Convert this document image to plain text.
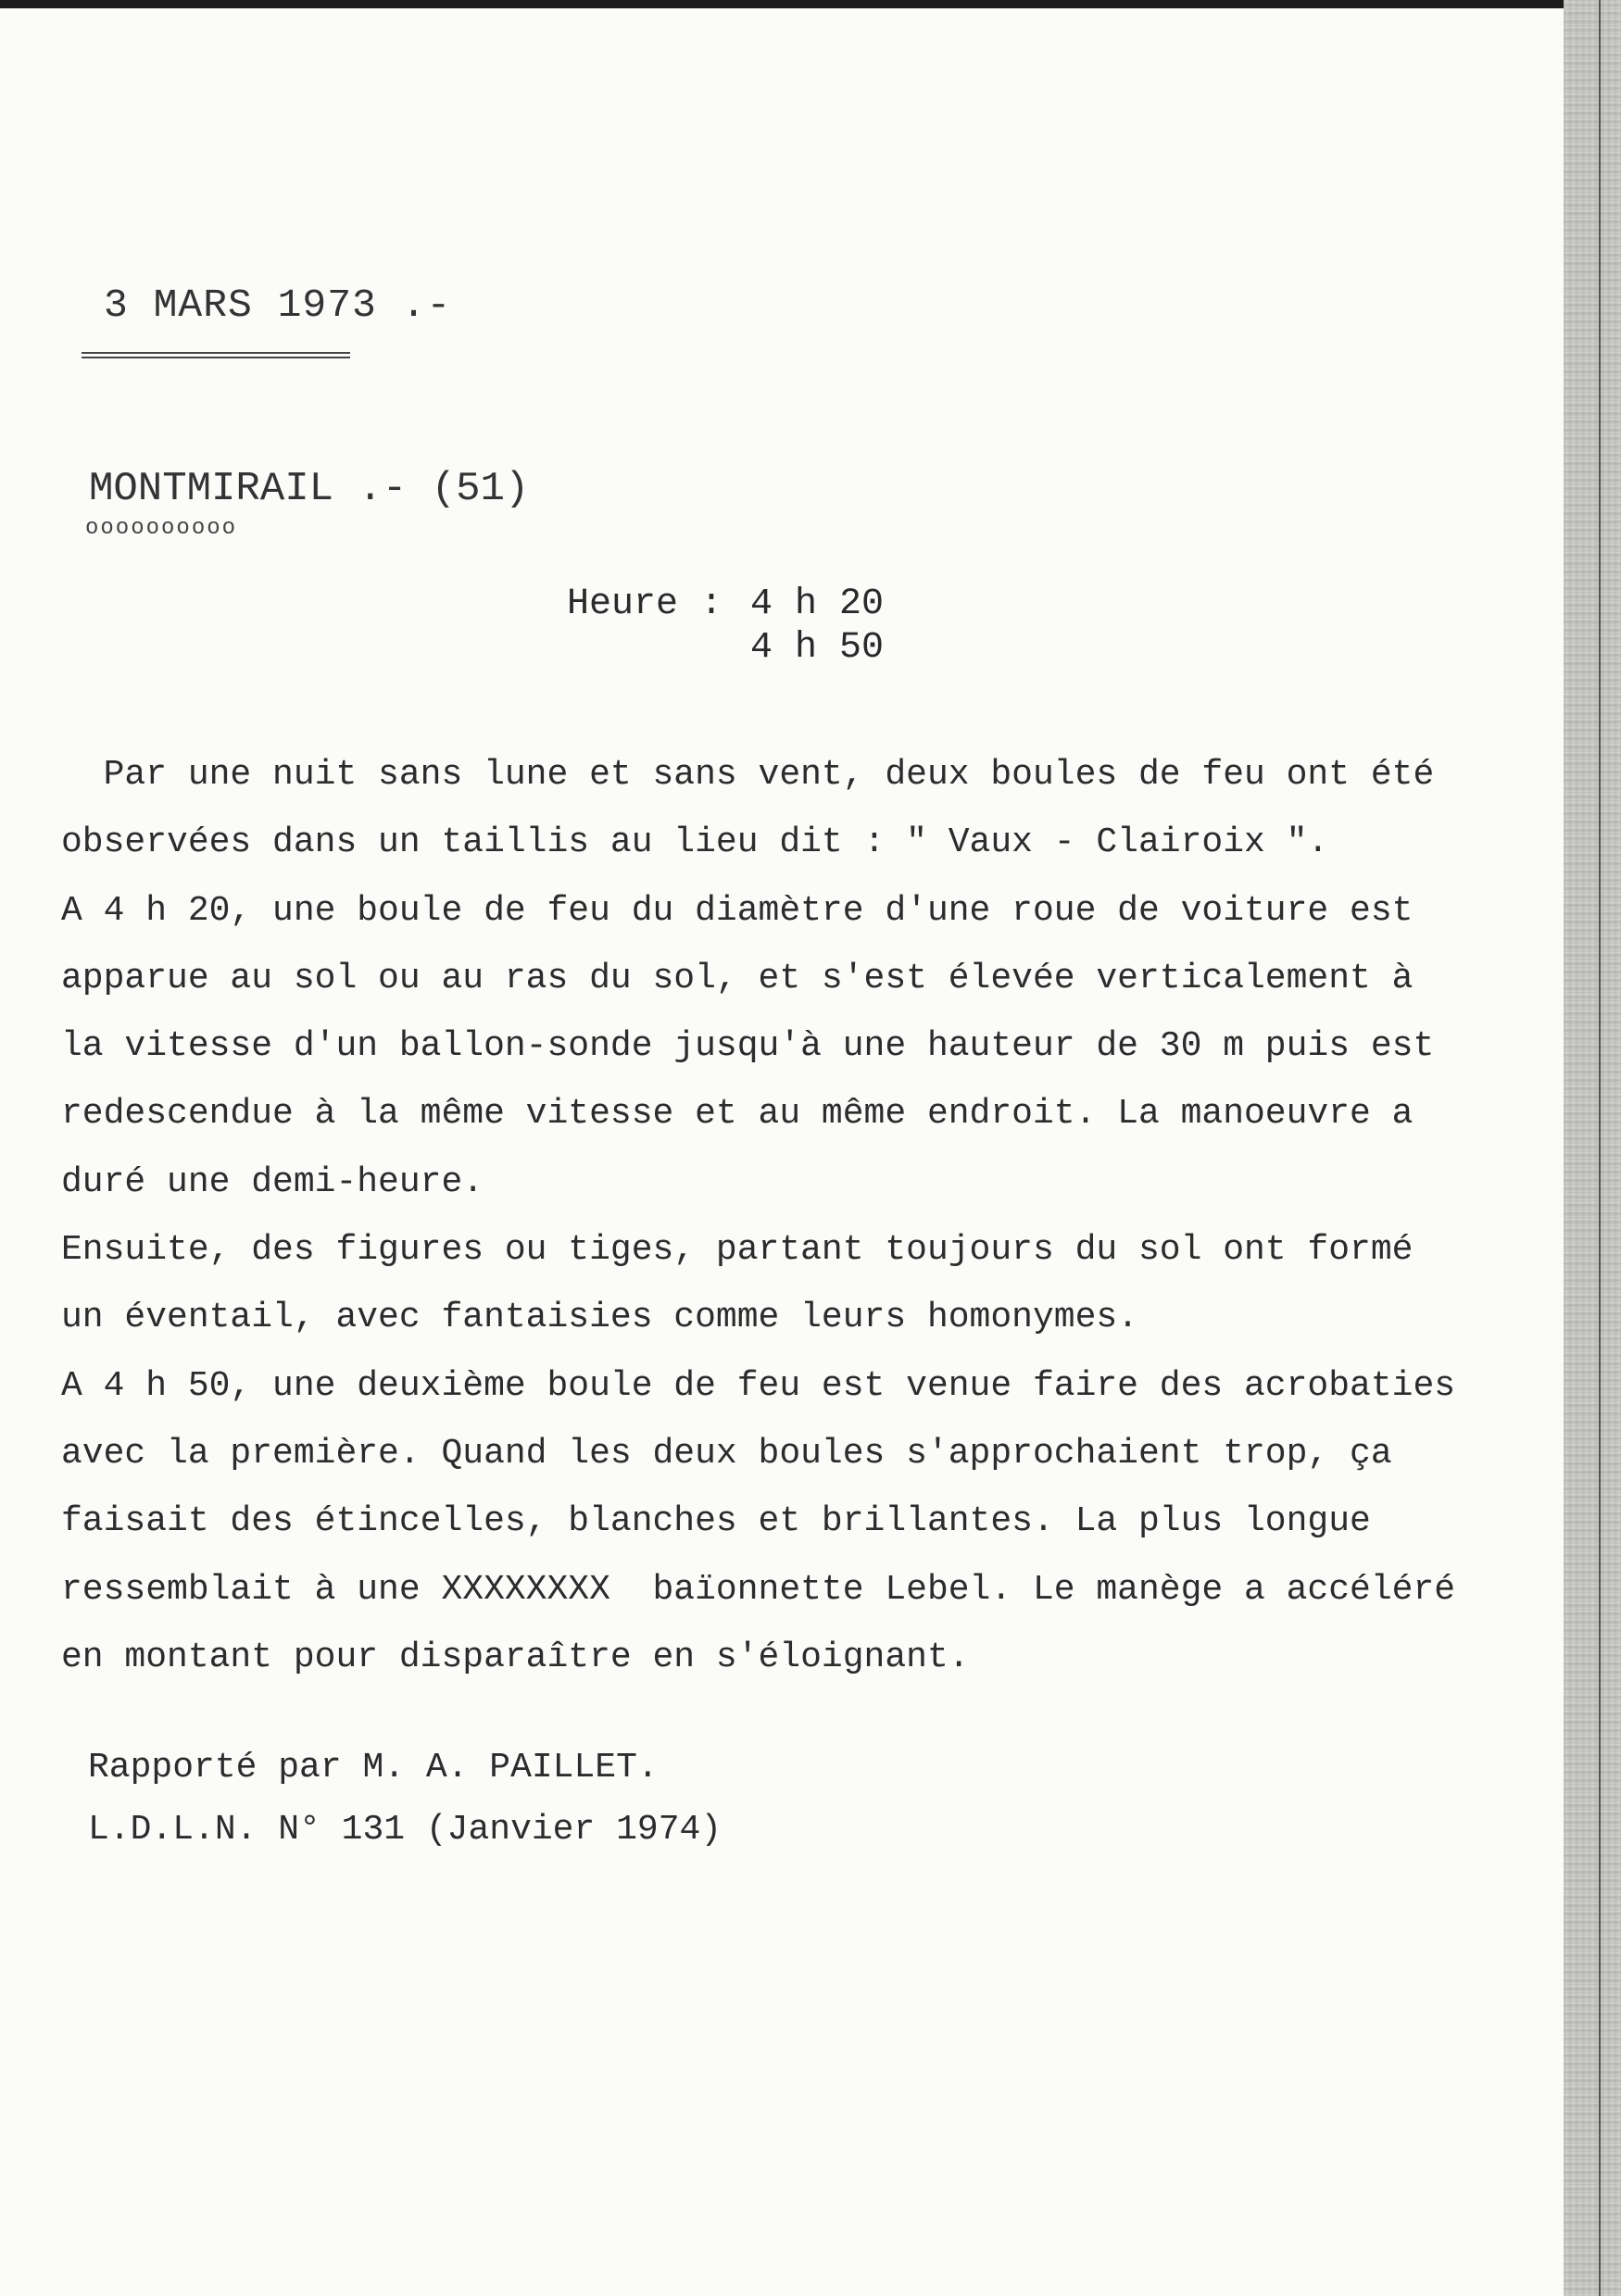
3 MARS 1973 .-
MONTMIRAIL .- (51)
oooooooooo
Heure : 4 h 20
4 h 50
Par une nuit sans lune et sans vent, deux boules de feu ont été
observées dans un taillis au lieu dit : " Vaux - Clairoix ".
A 4 h 20, une boule de feu du diamètre d'une roue de voiture est
apparue au sol ou au ras du sol, et s'est élevée verticalement à
la vitesse d'un ballon-sonde jusqu'à une hauteur de 30 m puis est
redescendue à la même vitesse et au même endroit. La manoeuvre a
duré une demi-heure.
Ensuite, des figures ou tiges, partant toujours du sol ont formé
un éventail, avec fantaisies comme leurs homonymes.
A 4 h 50, une deuxième boule de feu est venue faire des acrobaties
avec la première. Quand les deux boules s'approchaient trop, ça
faisait des étincelles, blanches et brillantes. La plus longue
ressemblait à une XXXXXXXX  baïonnette Lebel. Le manège a accéléré
en montant pour disparaître en s'éloignant.
Rapporté par M. A. PAILLET.
L.D.L.N. N° 131 (Janvier 1974)
